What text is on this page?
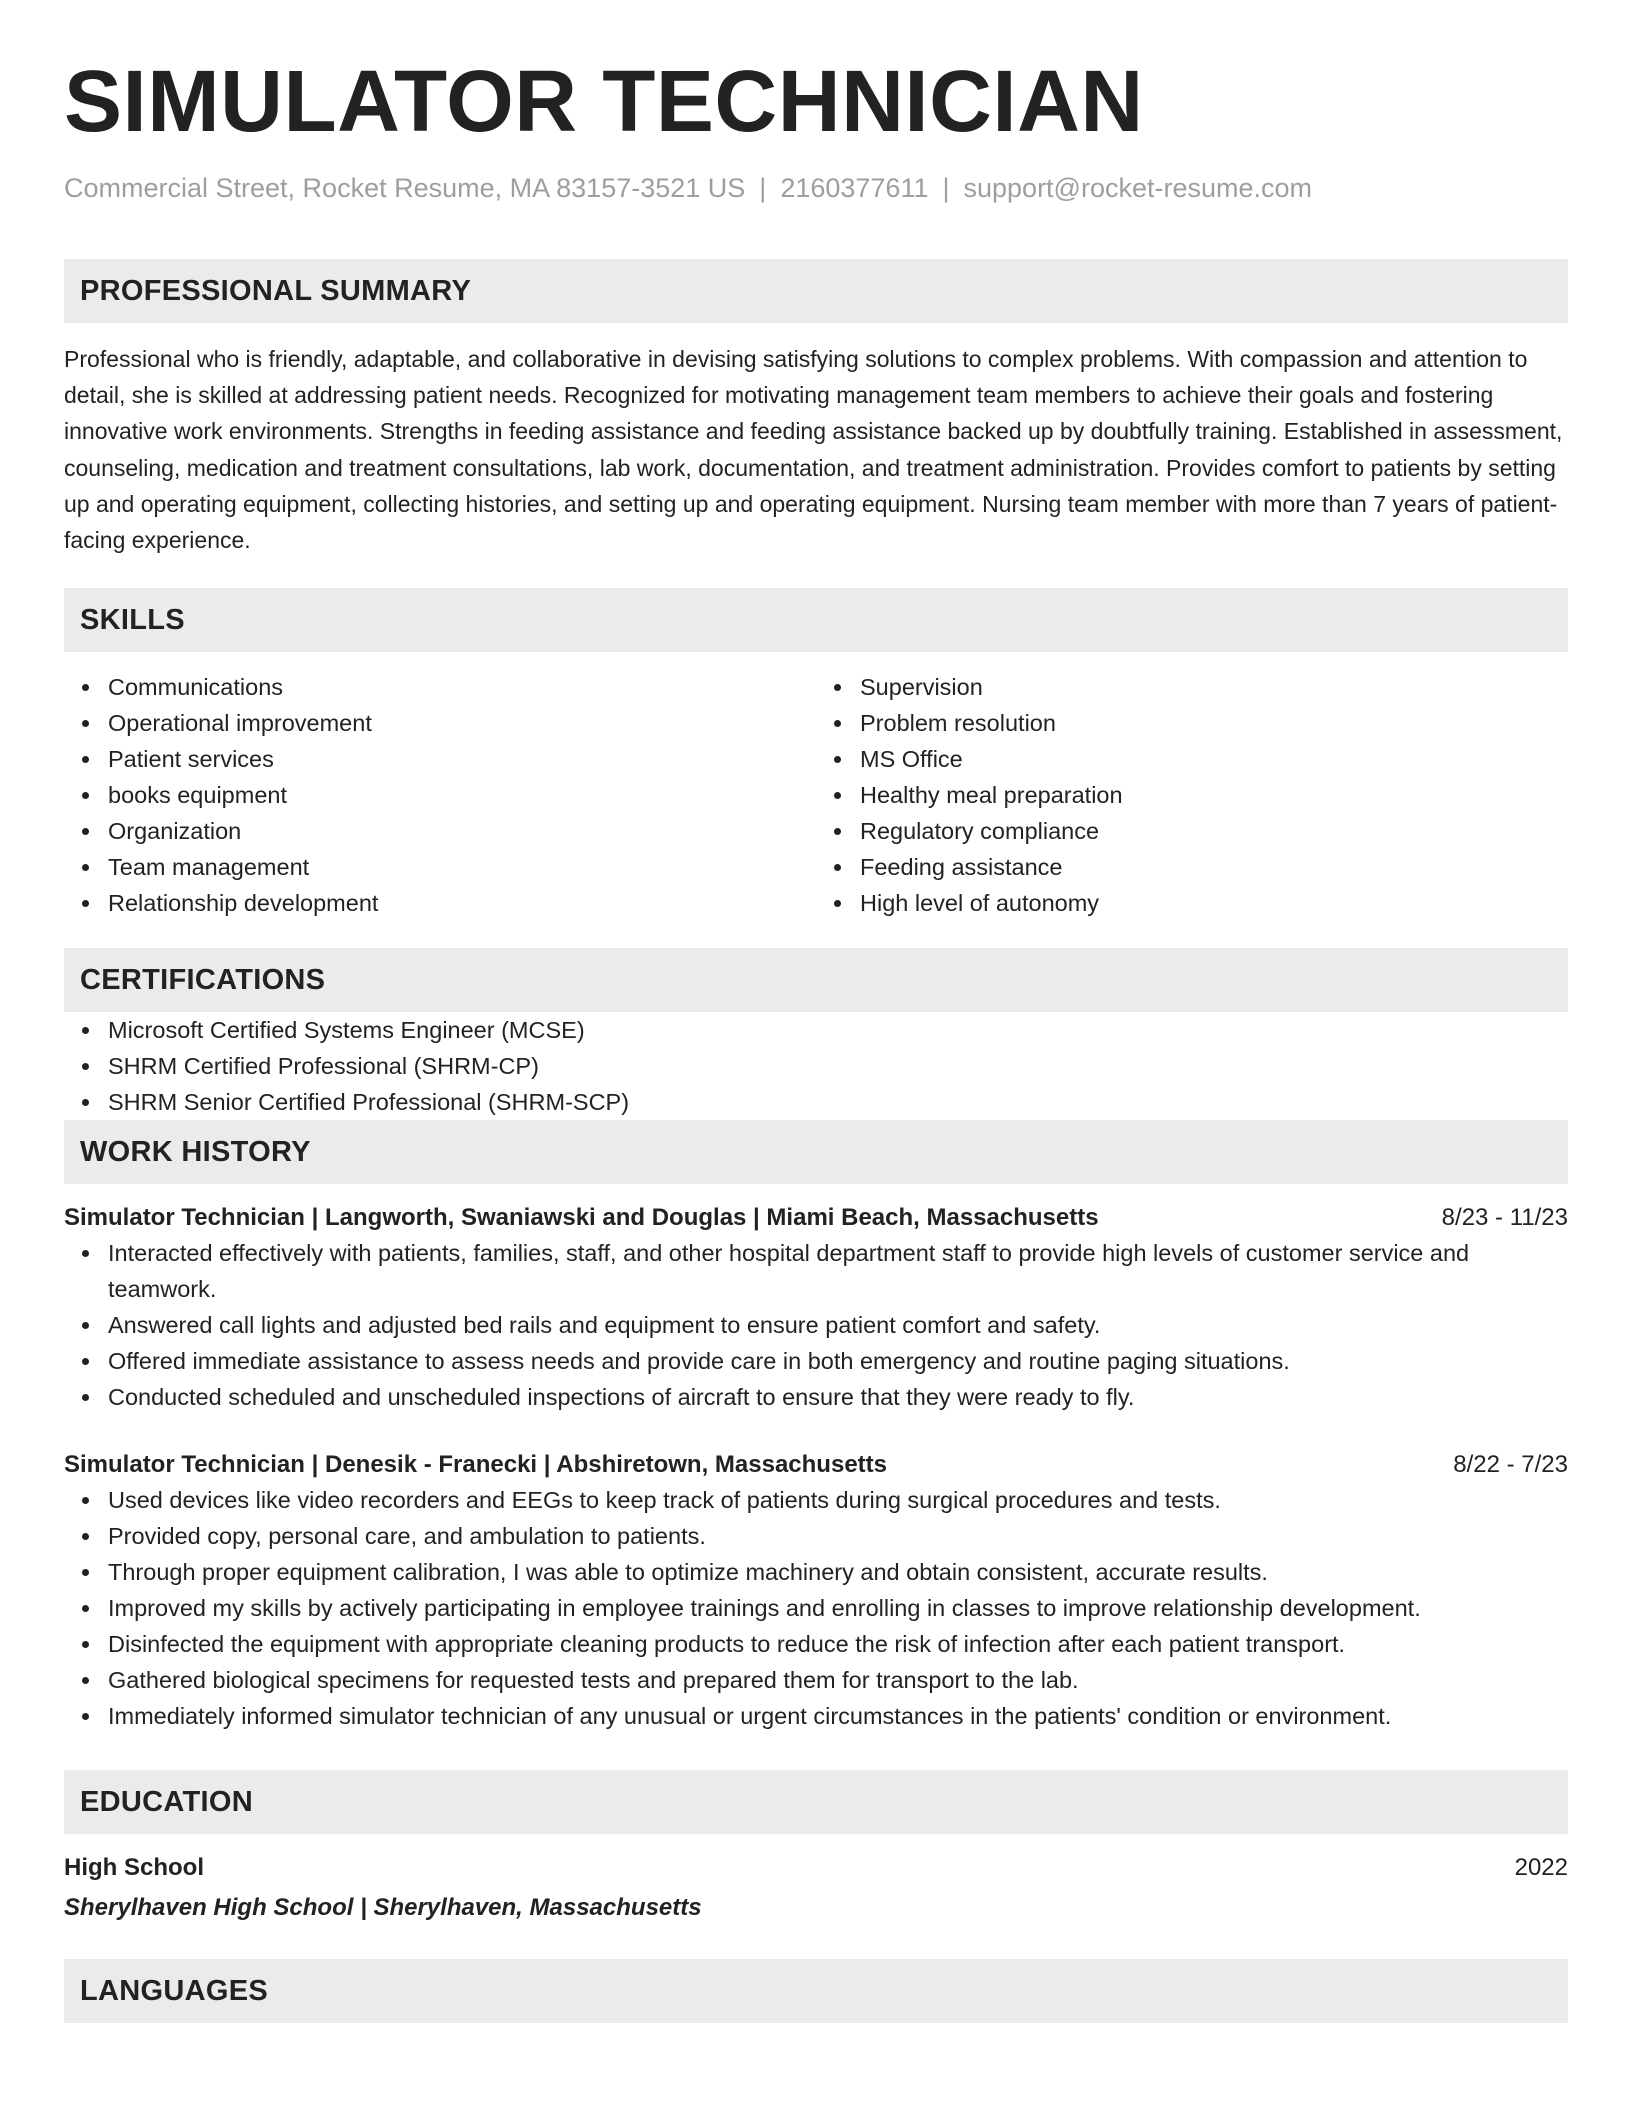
SIMULATOR TECHNICIAN
Commercial Street, Rocket Resume, MA 83157-3521 US | 2160377611 | support@rocket-resume.com
PROFESSIONAL SUMMARY
Professional who is friendly, adaptable, and collaborative in devising satisfying solutions to complex problems. With compassion and attention to detail, she is skilled at addressing patient needs. Recognized for motivating management team members to achieve their goals and fostering innovative work environments. Strengths in feeding assistance and feeding assistance backed up by doubtfully training. Established in assessment, counseling, medication and treatment consultations, lab work, documentation, and treatment administration. Provides comfort to patients by setting up and operating equipment, collecting histories, and setting up and operating equipment. Nursing team member with more than 7 years of patient-facing experience.
SKILLS
Communications
Operational improvement
Patient services
books equipment
Organization
Team management
Relationship development
Supervision
Problem resolution
MS Office
Healthy meal preparation
Regulatory compliance
Feeding assistance
High level of autonomy
CERTIFICATIONS
Microsoft Certified Systems Engineer (MCSE)
SHRM Certified Professional (SHRM-CP)
SHRM Senior Certified Professional (SHRM-SCP)
WORK HISTORY
Simulator Technician | Langworth, Swaniawski and Douglas | Miami Beach, Massachusetts	8/23 - 11/23
Interacted effectively with patients, families, staff, and other hospital department staff to provide high levels of customer service and teamwork.
Answered call lights and adjusted bed rails and equipment to ensure patient comfort and safety.
Offered immediate assistance to assess needs and provide care in both emergency and routine paging situations.
Conducted scheduled and unscheduled inspections of aircraft to ensure that they were ready to fly.
Simulator Technician | Denesik - Franecki | Abshiretown, Massachusetts	8/22 - 7/23
Used devices like video recorders and EEGs to keep track of patients during surgical procedures and tests.
Provided copy, personal care, and ambulation to patients.
Through proper equipment calibration, I was able to optimize machinery and obtain consistent, accurate results.
Improved my skills by actively participating in employee trainings and enrolling in classes to improve relationship development.
Disinfected the equipment with appropriate cleaning products to reduce the risk of infection after each patient transport.
Gathered biological specimens for requested tests and prepared them for transport to the lab.
Immediately informed simulator technician of any unusual or urgent circumstances in the patients' condition or environment.
EDUCATION
High School	2022
Sherylhaven High School | Sherylhaven, Massachusetts
LANGUAGES
